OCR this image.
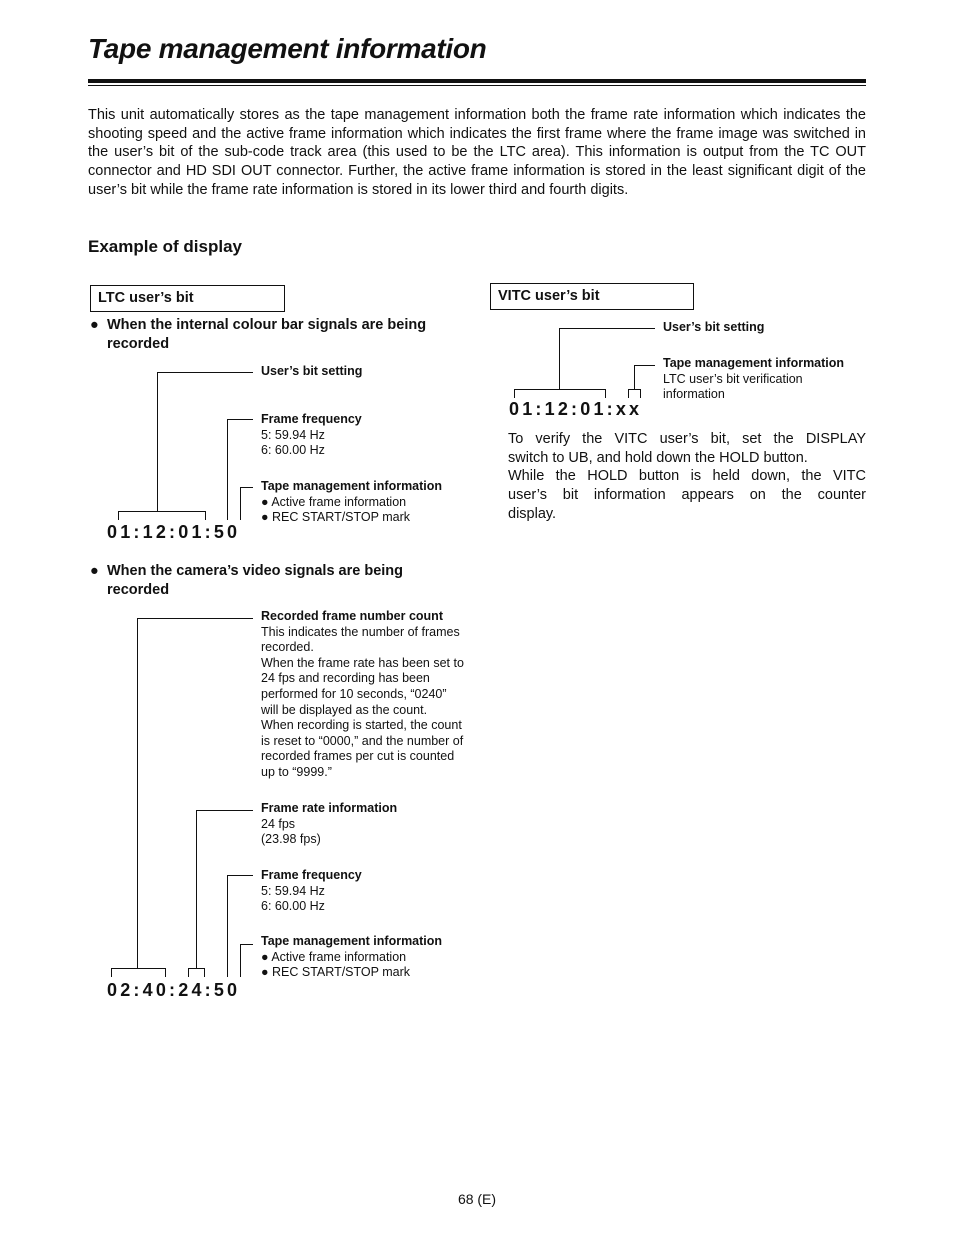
Tape management information

This unit automatically stores as the tape management information both the frame rate information which indicates the shooting speed and the active frame information which indicates the first frame where the frame image was switched in the user’s bit of the sub-code track area (this used to be the LTC area). This information is output from the TC OUT connector and HD SDI OUT connector. Further, the active frame information is stored in the least significant digit of the user’s bit while the frame rate information is stored in its lower third and fourth digits.

Example of display
LTC user’s bit
● When the internal colour bar signals are being
recorded
User’s bit setting
Frame frequency
5: 59.94 Hz
6: 60.00 Hz
Tape management information
● Active frame information
● REC START/STOP mark
01:12:01:50
● When the camera’s video signals are being
recorded
Recorded frame number count
This indicates the number of frames
recorded.
When the frame rate has been set to
24 fps and recording has been
performed for 10 seconds, “0240”
will be displayed as the count.
When recording is started, the count
is reset to “0000,” and the number of
recorded frames per cut is counted
up to “9999.”
Frame rate information
24 fps
(23.98 fps)
Frame frequency
5: 59.94 Hz
6: 60.00 Hz
Tape management information
● Active frame information
● REC START/STOP mark
02:40:24:50
VITC user’s bit
User’s bit setting
Tape management information
LTC user’s bit verification
information
01:12:01:xx
To verify the VITC user’s bit, set the DISPLAY
switch to UB, and hold down the HOLD button.
While the HOLD button is held down, the VITC
user’s bit information appears on the counter
display.
68 (E)
